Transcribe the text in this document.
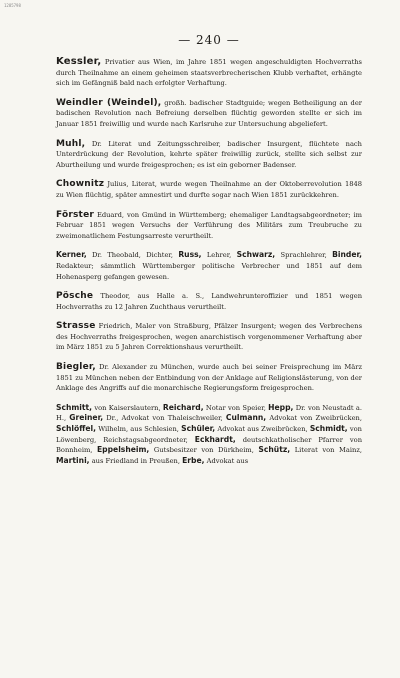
1285798
— 240 —

Kessler, Privatier aus Wien, im Jahre 1851 wegen angeschuldigten Hochverraths durch Theilnahme an einem geheimen staatsverbrecherischen Klubb verhaftet, erhängte sich im Gefängniß bald nach erfolgter Verhaftung.

Weindler (Weindel), großh. badischer Stadtguide; wegen Betheiligung an der badischen Revolution nach Befreiung derselben flüchtig geworden stellte er sich im Januar 1851 freiwillig und wurde nach Karlsruhe zur Untersuchung abgeliefert.

Muhl, Dr. Literat und Zeitungsschreiber, badischer Insurgent, flüchtete nach Unterdrückung der Revolution, kehrte später freiwillig zurück, stellte sich selbst zur Aburtheilung und wurde freigesprochen; es ist ein geborner Badenser.

Chownitz Julius, Literat, wurde wegen Theilnahme an der Oktoberrevolution 1848 zu Wien flüchtig, später amnestirt und durfte sogar nach Wien 1851 zurückkehren.

Förster Eduard, von Gmünd in Württemberg; ehemaliger Landtagsabgeordneter; im Februar 1851 wegen Versuchs der Verführung des Militärs zum Treubruche zu zweimonatlichem Festungsarreste verurtheilt.

Kerner, Dr. Theobald, Dichter, Russ, Lehrer, Schwarz, Sprachlehrer, Binder, Redakteur; sämmtlich Württemberger politische Verbrecher und 1851 auf dem Hohenasperg gefangen gewesen.

Pösche Theodor, aus Halle a. S., Landwehrunteroffizier und 1851 wegen Hochverraths zu 12 Jahren Zuchthaus verurtheilt.

Strasse Friedrich, Maler von Straßburg, Pfälzer Insurgent; wegen des Verbrechens des Hochverraths freigesprochen, wegen anarchistisch vorgenommener Verhaftung aber im März 1851 zu 5 Jahren Correktionshaus verurtheilt.

Biegler, Dr. Alexander zu München, wurde auch bei seiner Freisprechung im März 1851 zu München neben der Entbindung von der Anklage auf Religionslästerung, von der Anklage des Angriffs auf die monarchische Regierungsform freigesprochen.

Schmitt, von Kaiserslautern, Reichard, Notar von Speier, Hepp, Dr. von Neustadt a. H., Greiner, Dr., Advokat von Thaleischweiler, Culmann, Advokat von Zweibrücken, Schlöffel, Wilhelm, aus Schlesien, Schüler, Advokat aus Zweibrücken, Schmidt, von Löwenberg, Reichstagsabgeordneter, Eckhardt, deutschkatholischer Pfarrer von Bonnheim, Eppelsheim, Gutsbesitzer von Dürkheim, Schütz, Literat von Mainz, Martini, aus Friedland in Preußen, Erbe, Advokat aus
